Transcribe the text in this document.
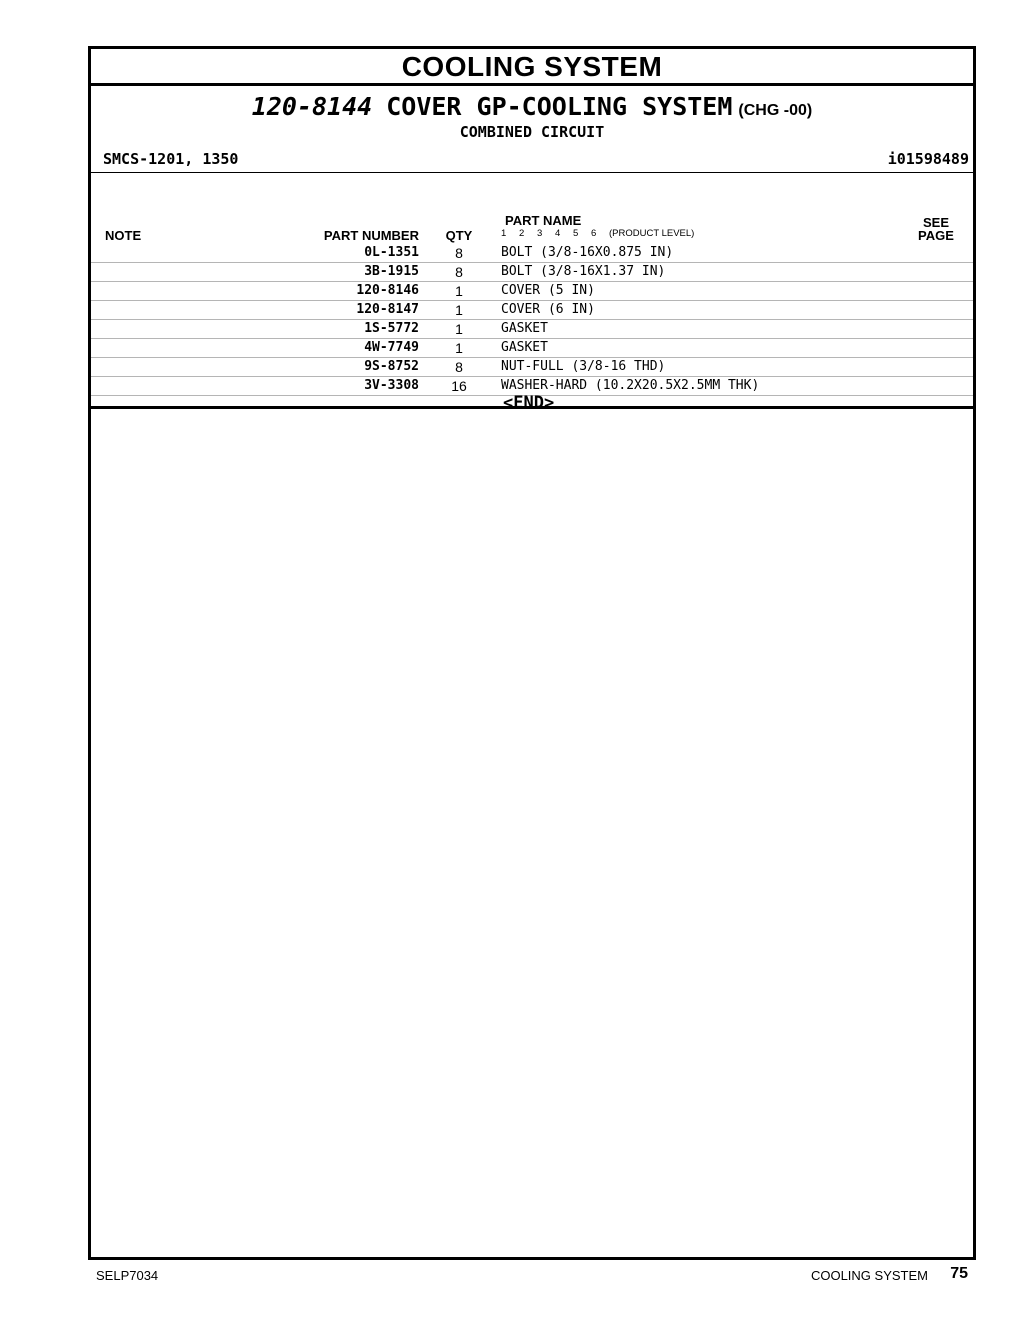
COOLING SYSTEM
120-8144 COVER GP-COOLING SYSTEM (CHG -00)
COMBINED CIRCUIT
SMCS-1201, 1350	i01598489
PART NAME	SEE
NOTE	PART NUMBER	QTY	PAGE
1 2 3 4 5 6 (PRODUCT LEVEL)
0L-1351	8	BOLT (3/8-16X0.875 IN)
3B-1915	8	BOLT (3/8-16X1.37 IN)
120-8146	1	COVER (5 IN)
120-8147	1	COVER (6 IN)
1S-5772	1	GASKET
4W-7749	1	GASKET
9S-8752	8	NUT-FULL (3/8-16 THD)
3V-3308	16	WASHER-HARD (10.2X20.5X2.5MM THK)
<END>
SELP7034	COOLING SYSTEM 75
